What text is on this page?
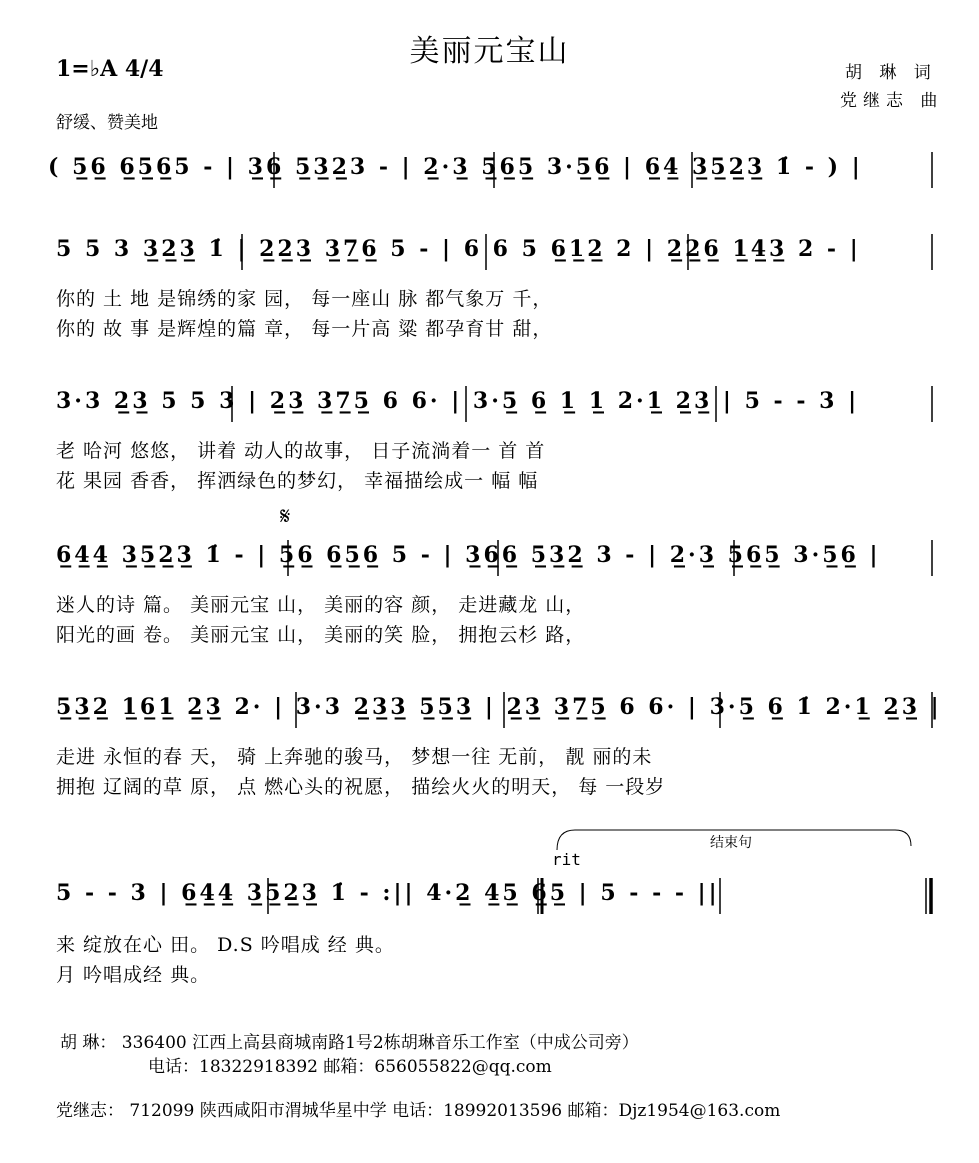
美丽元宝山
1=♭A 4/4	胡 琳 词
党继志 曲
舒缓、赞美地
( 5̲6̲ 6̲5̲6̲5 - | 3̲6̲ 5̲3̲2̲3 - | 2̲·3̲ 5̲6̲5̲ 3·5̲6̲ | 6̲4̲ 3̲5̲2̲3̲ 1̇ - ) |
5 5 3 3̲2̲3̲ 1̇ | 2̲2̲3̲ 3̲7̲6̲ 5 - | 6 6 5 6̲1̲2̲ 2 | 2̲2̲6̲ 1̲4̲3̲ 2 - |
你的 土 地 是锦绣的家 园， 每一座山 脉 都气象万 千，
你的 故 事 是辉煌的篇 章， 每一片高 粱 都孕育甘 甜，
3·3 2̲3̲ 5 5 3 | 2̲3̲ 3̲7̲5̲ 6 6· | 3·5̲ 6̲ 1̲ 1̲ 2·1̲ 2̲3̲ | 5 - - 3 |
老 哈河 悠悠， 讲着 动人的故事， 日子流淌着一 首 首
花 果园 香香， 挥洒绿色的梦幻， 幸福描绘成一 幅 幅
𝄋
6̲4̲4̲ 3̲5̲2̲3̲ 1̇ - | 5̲6̲ 6̲5̲6̲ 5 - | 3̲6̲6̲ 5̲3̲2̲ 3 - | 2̲·3̲ 5̲6̲5̲ 3·5̲6̲ |
迷人的诗 篇。 美丽元宝 山， 美丽的容 颜， 走进藏龙 山，
阳光的画 卷。 美丽元宝 山， 美丽的笑 脸， 拥抱云杉 路，
5̲3̲2̲ 1̲6̲1̲ 2̲3̲ 2· | 3·3 2̲3̲3̲ 5̲5̲3̲ | 2̲3̲ 3̲7̲5̲ 6 6· | 3·5̲ 6̲ 1̇ 2·1̲ 2̲3̲ |
走进 永恒的春 天， 骑 上奔驰的骏马， 梦想一往 无前， 靓 丽的未
拥抱 辽阔的草 原， 点 燃心头的祝愿， 描绘火火的明天， 每 一段岁
结束句
rit
5 - - 3 | 6̲4̲4̲ 3̲5̲2̲3̲ 1̇ - :|| 4·2̲ 4̲5̲ 6̲5̲ | 5 - - - ||
来 绽放在心 田。 D.S 吟唱成 经 典。
月 吟唱成经 典。
胡 琳： 336400 江西上高县商城南路1号2栋胡琳音乐工作室（中成公司旁）
电话：18322918392 邮箱：656055822@qq.com
党继志： 712099 陕西咸阳市渭城华星中学 电话：18992013596 邮箱：Djz1954@163.com
